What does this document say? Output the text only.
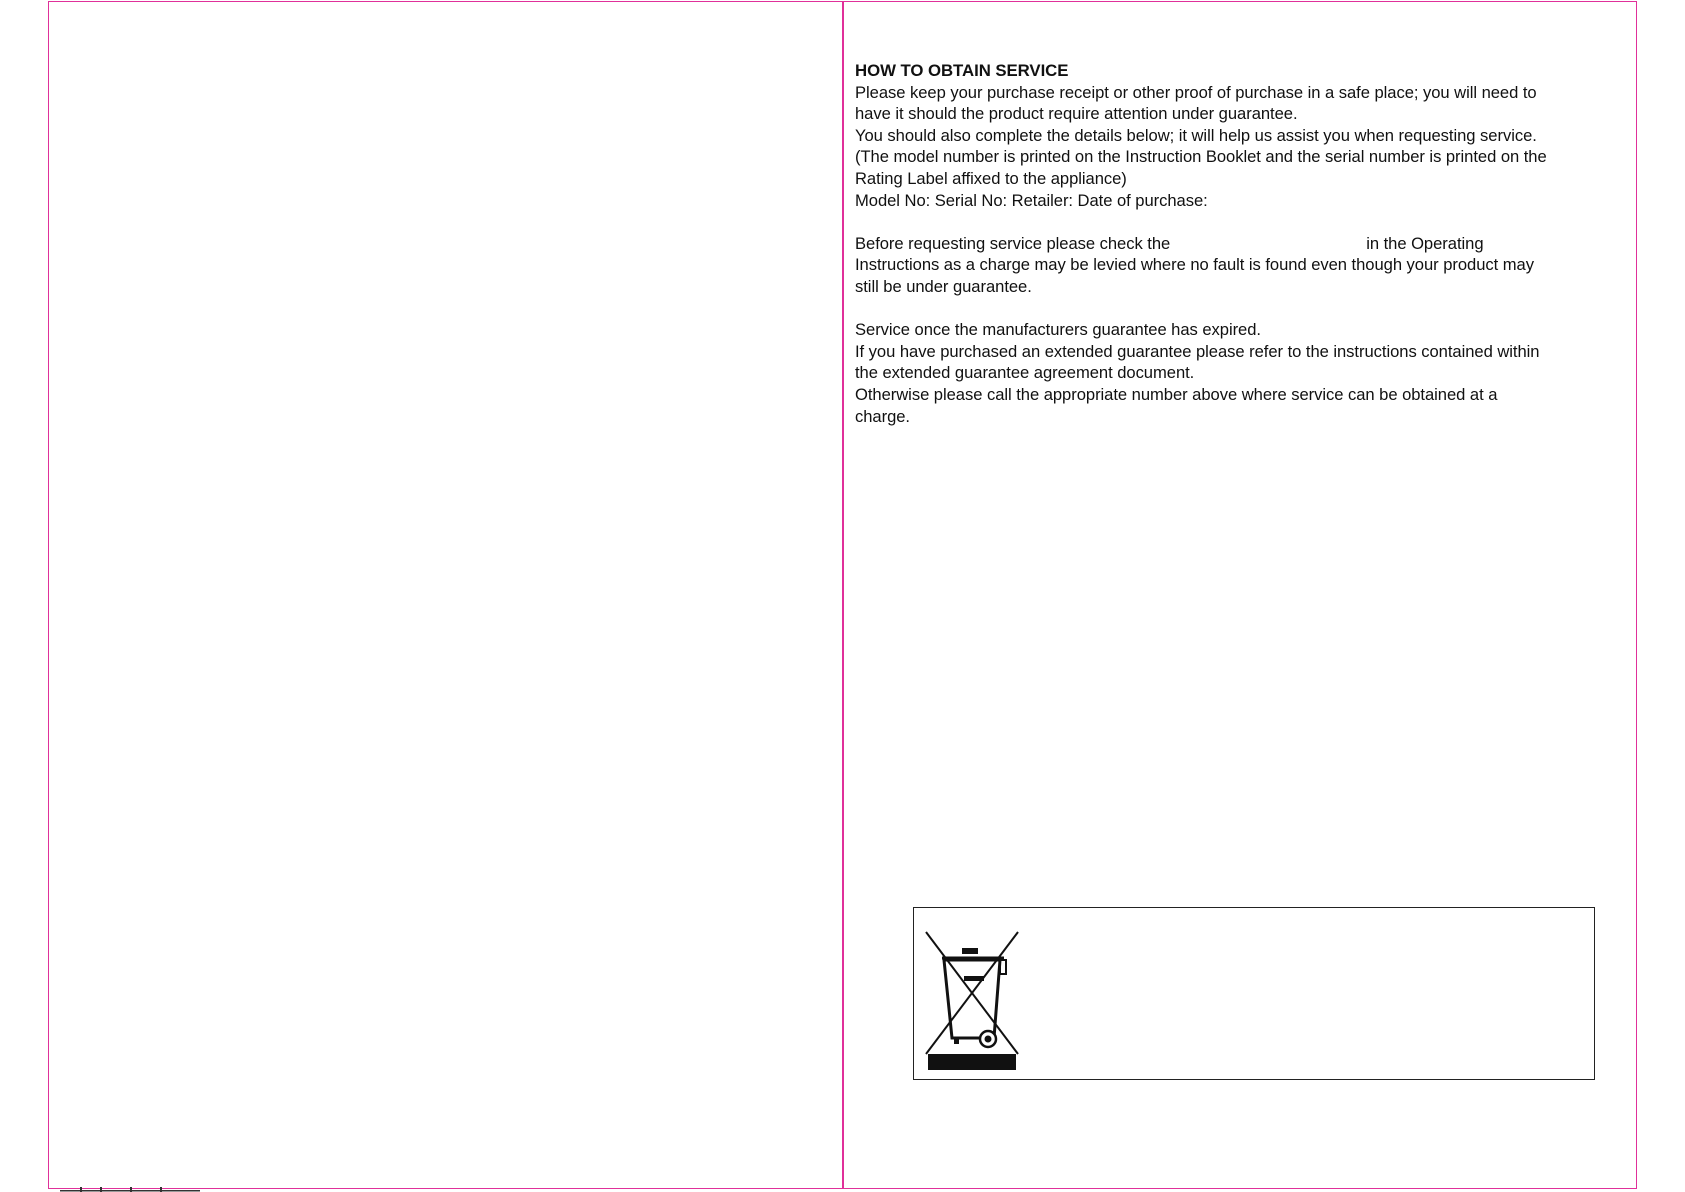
HOW TO OBTAIN SERVICE

Please keep your purchase receipt or other proof of purchase in a safe place; you will need to have it should the product require attention under guarantee.

You should also complete the details below; it will help us assist you when requesting service.

(The model number is printed on the Instruction Booklet and the serial number is printed on the Rating Label affixed to the appliance)

Model No: Serial No: Retailer: Date of purchase:

Before requesting service please check the	in the Operating Instructions as a charge may be levied where no fault is found even though your product may still be under guarantee.

Service once the manufacturers guarantee has expired.

If you have purchased an extended guarantee please refer to the instructions contained within the extended guarantee agreement document.

Otherwise please call the appropriate number above where service can be obtained at a charge.
